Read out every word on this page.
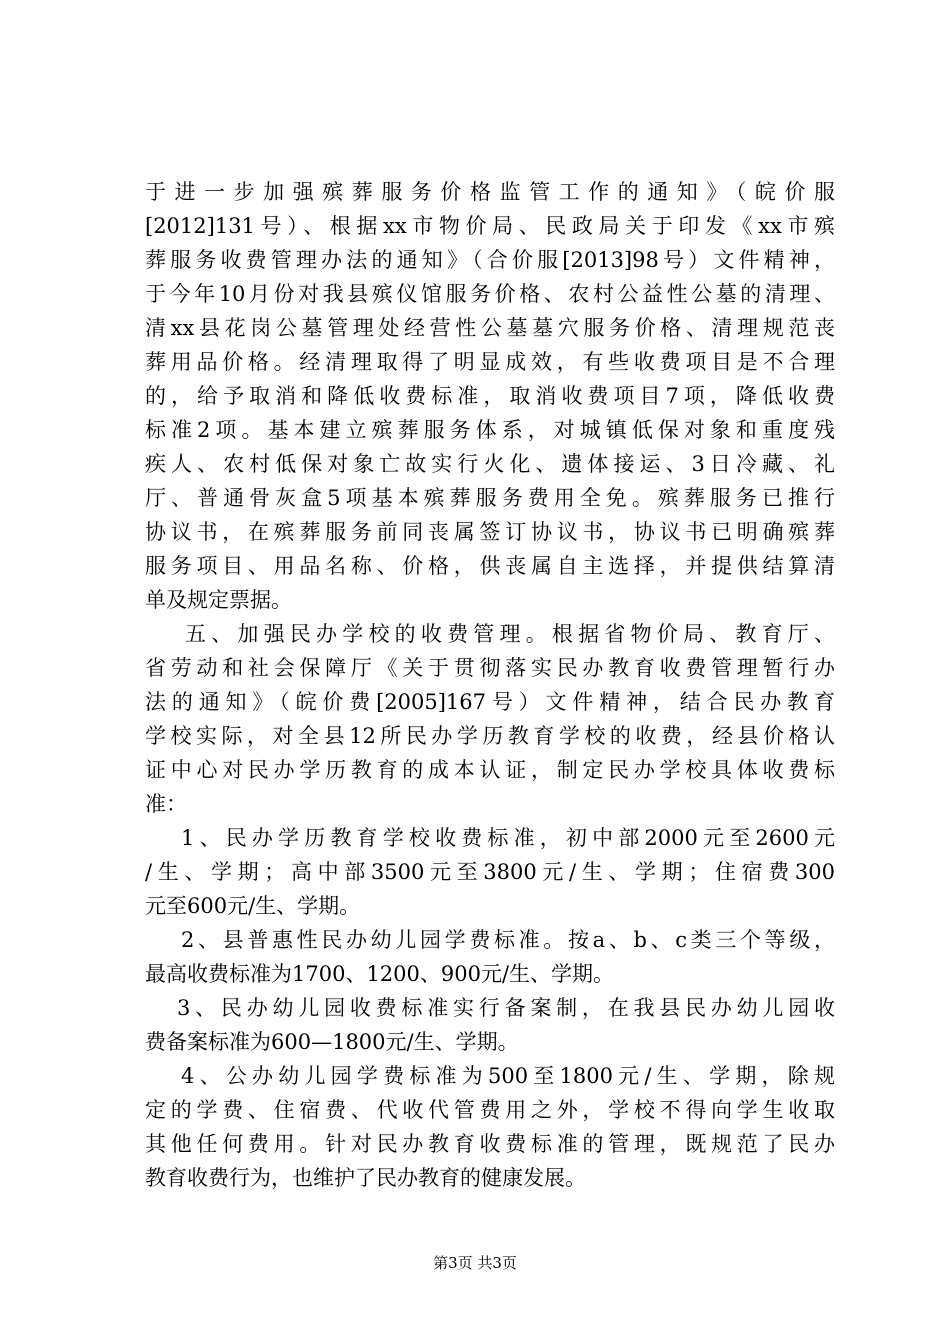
于进一步加强殡葬服务价格监管工作的通知》（皖价服
[2012]131号）、根据xx市物价局、民政局关于印发《xx市殡
葬服务收费管理办法的通知》（合价服[2013]98号）文件精神，
于今年10月份对我县殡仪馆服务价格、农村公益性公墓的清理、
清xx县花岗公墓管理处经营性公墓墓穴服务价格、清理规范丧
葬用品价格。经清理取得了明显成效，有些收费项目是不合理
的，给予取消和降低收费标准，取消收费项目7项，降低收费
标准2项。基本建立殡葬服务体系，对城镇低保对象和重度残
疾人、农村低保对象亡故实行火化、遗体接运、3日冷藏、礼
厅、普通骨灰盒5项基本殡葬服务费用全免。殡葬服务已推行
协议书，在殡葬服务前同丧属签订协议书，协议书已明确殡葬
服务项目、用品名称、价格，供丧属自主选择，并提供结算清
单及规定票据。
五、加强民办学校的收费管理。根据省物价局、教育厅、
省劳动和社会保障厅《关于贯彻落实民办教育收费管理暂行办
法的通知》（皖价费[2005]167号）文件精神，结合民办教育
学校实际，对全县12所民办学历教育学校的收费，经县价格认
证中心对民办学历教育的成本认证，制定民办学校具体收费标
准：
1、民办学历教育学校收费标准，初中部2000元至2600元
/生、学期；高中部3500元至3800元/生、学期；住宿费300
元至600元/生、学期。
2、县普惠性民办幼儿园学费标准。按a、b、c类三个等级，
最高收费标准为1700、1200、900元/生、学期。
3、民办幼儿园收费标准实行备案制，在我县民办幼儿园收
费备案标准为600—1800元/生、学期。
4、公办幼儿园学费标准为500至1800元/生、学期，除规
定的学费、住宿费、代收代管费用之外，学校不得向学生收取
其他任何费用。针对民办教育收费标准的管理，既规范了民办
教育收费行为，也维护了民办教育的健康发展。
第3页 共3页
